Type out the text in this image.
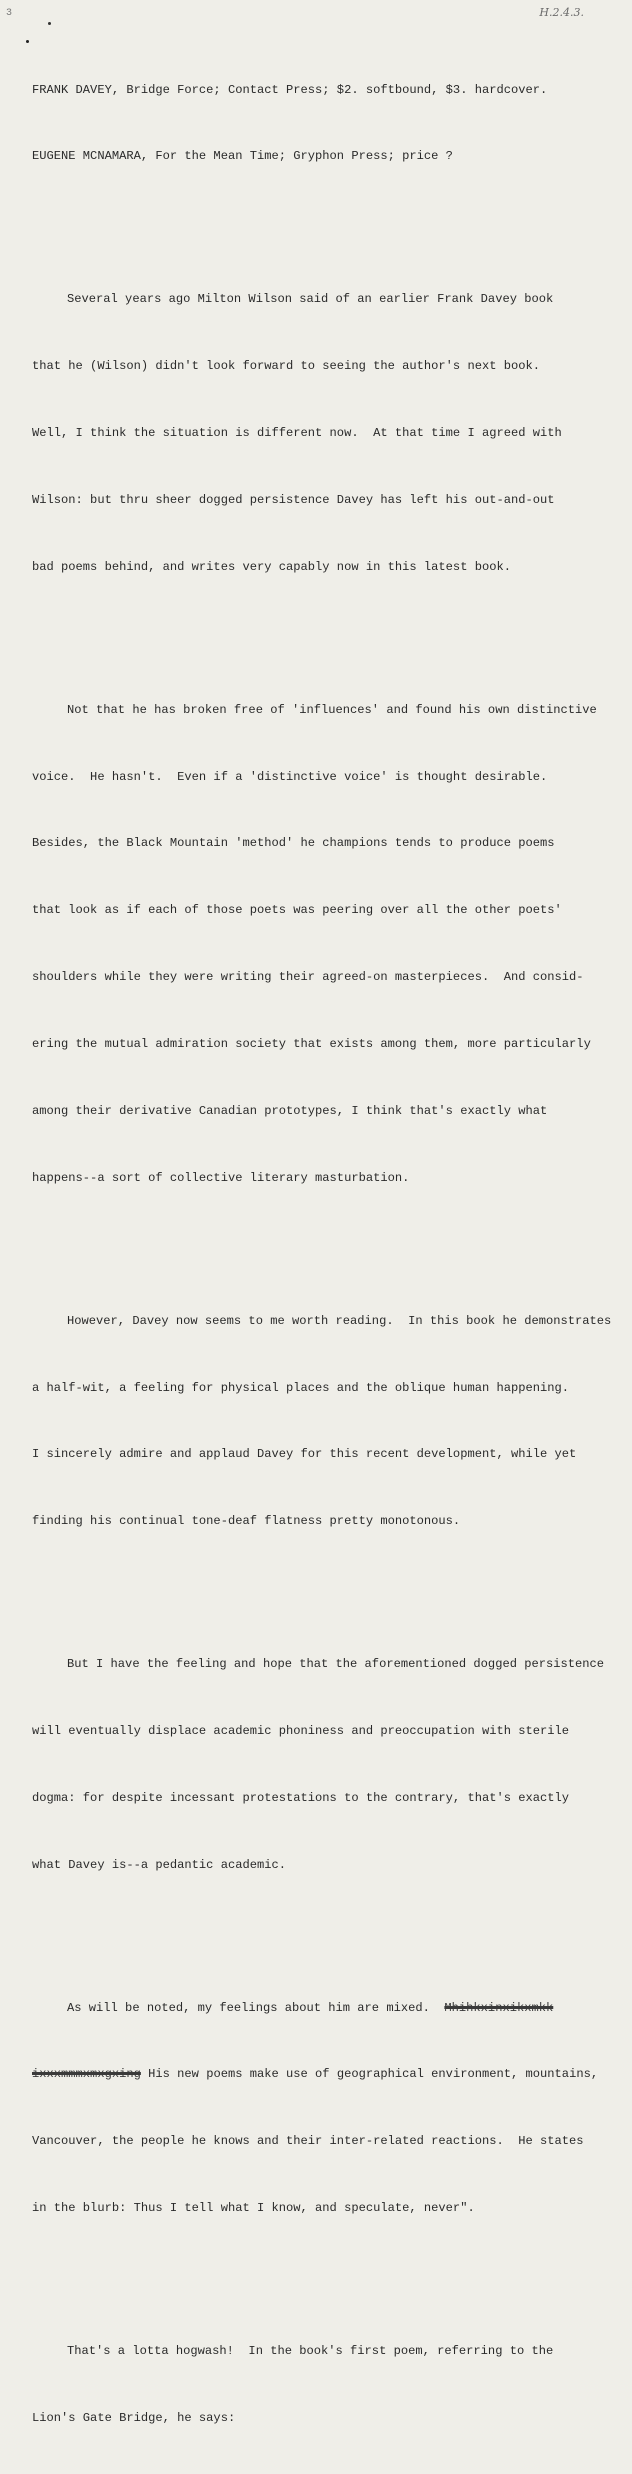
3	H.2.4.3.

FRANK DAVEY, Bridge Force; Contact Press; $2. softbound, $3. hardcover.

EUGENE MCNAMARA, For the Mean Time; Gryphon Press; price ?

Several years ago Milton Wilson said of an earlier Frank Davey book

that he (Wilson) didn't look forward to seeing the author's next book.

Well, I think the situation is different now.  At that time I agreed with

Wilson: but thru sheer dogged persistence Davey has left his out-and-out

bad poems behind, and writes very capably now in this latest book.

Not that he has broken free of 'influences' and found his own distinctive

voice.  He hasn't.  Even if a 'distinctive voice' is thought desirable.

Besides, the Black Mountain 'method' he champions tends to produce poems

that look as if each of those poets was peering over all the other poets'

shoulders while they were writing their agreed-on masterpieces.  And consid-

ering the mutual admiration society that exists among them, more particularly

among their derivative Canadian prototypes, I think that's exactly what

happens--a sort of collective literary masturbation.

However, Davey now seems to me worth reading.  In this book he demonstrates

a half-wit, a feeling for physical places and the oblique human happening.

I sincerely admire and applaud Davey for this recent development, while yet

finding his continual tone-deaf flatness pretty monotonous.

But I have the feeling and hope that the aforementioned dogged persistence

will eventually displace academic phoniness and preoccupation with sterile

dogma: for despite incessant protestations to the contrary, that's exactly

what Davey is--a pedantic academic.

As will be noted, my feelings about him are mixed.  Mhihkxinxikxmkk

ixxxmmmxmxgxing His new poems make use of geographical environment, mountains,

Vancouver, the people he knows and their inter-related reactions.  He states

in the blurb: Thus I tell what I know, and speculate, never".

That's a lotta hogwash!  In the book's first poem, referring to the

Lion's Gate Bridge, he says:
